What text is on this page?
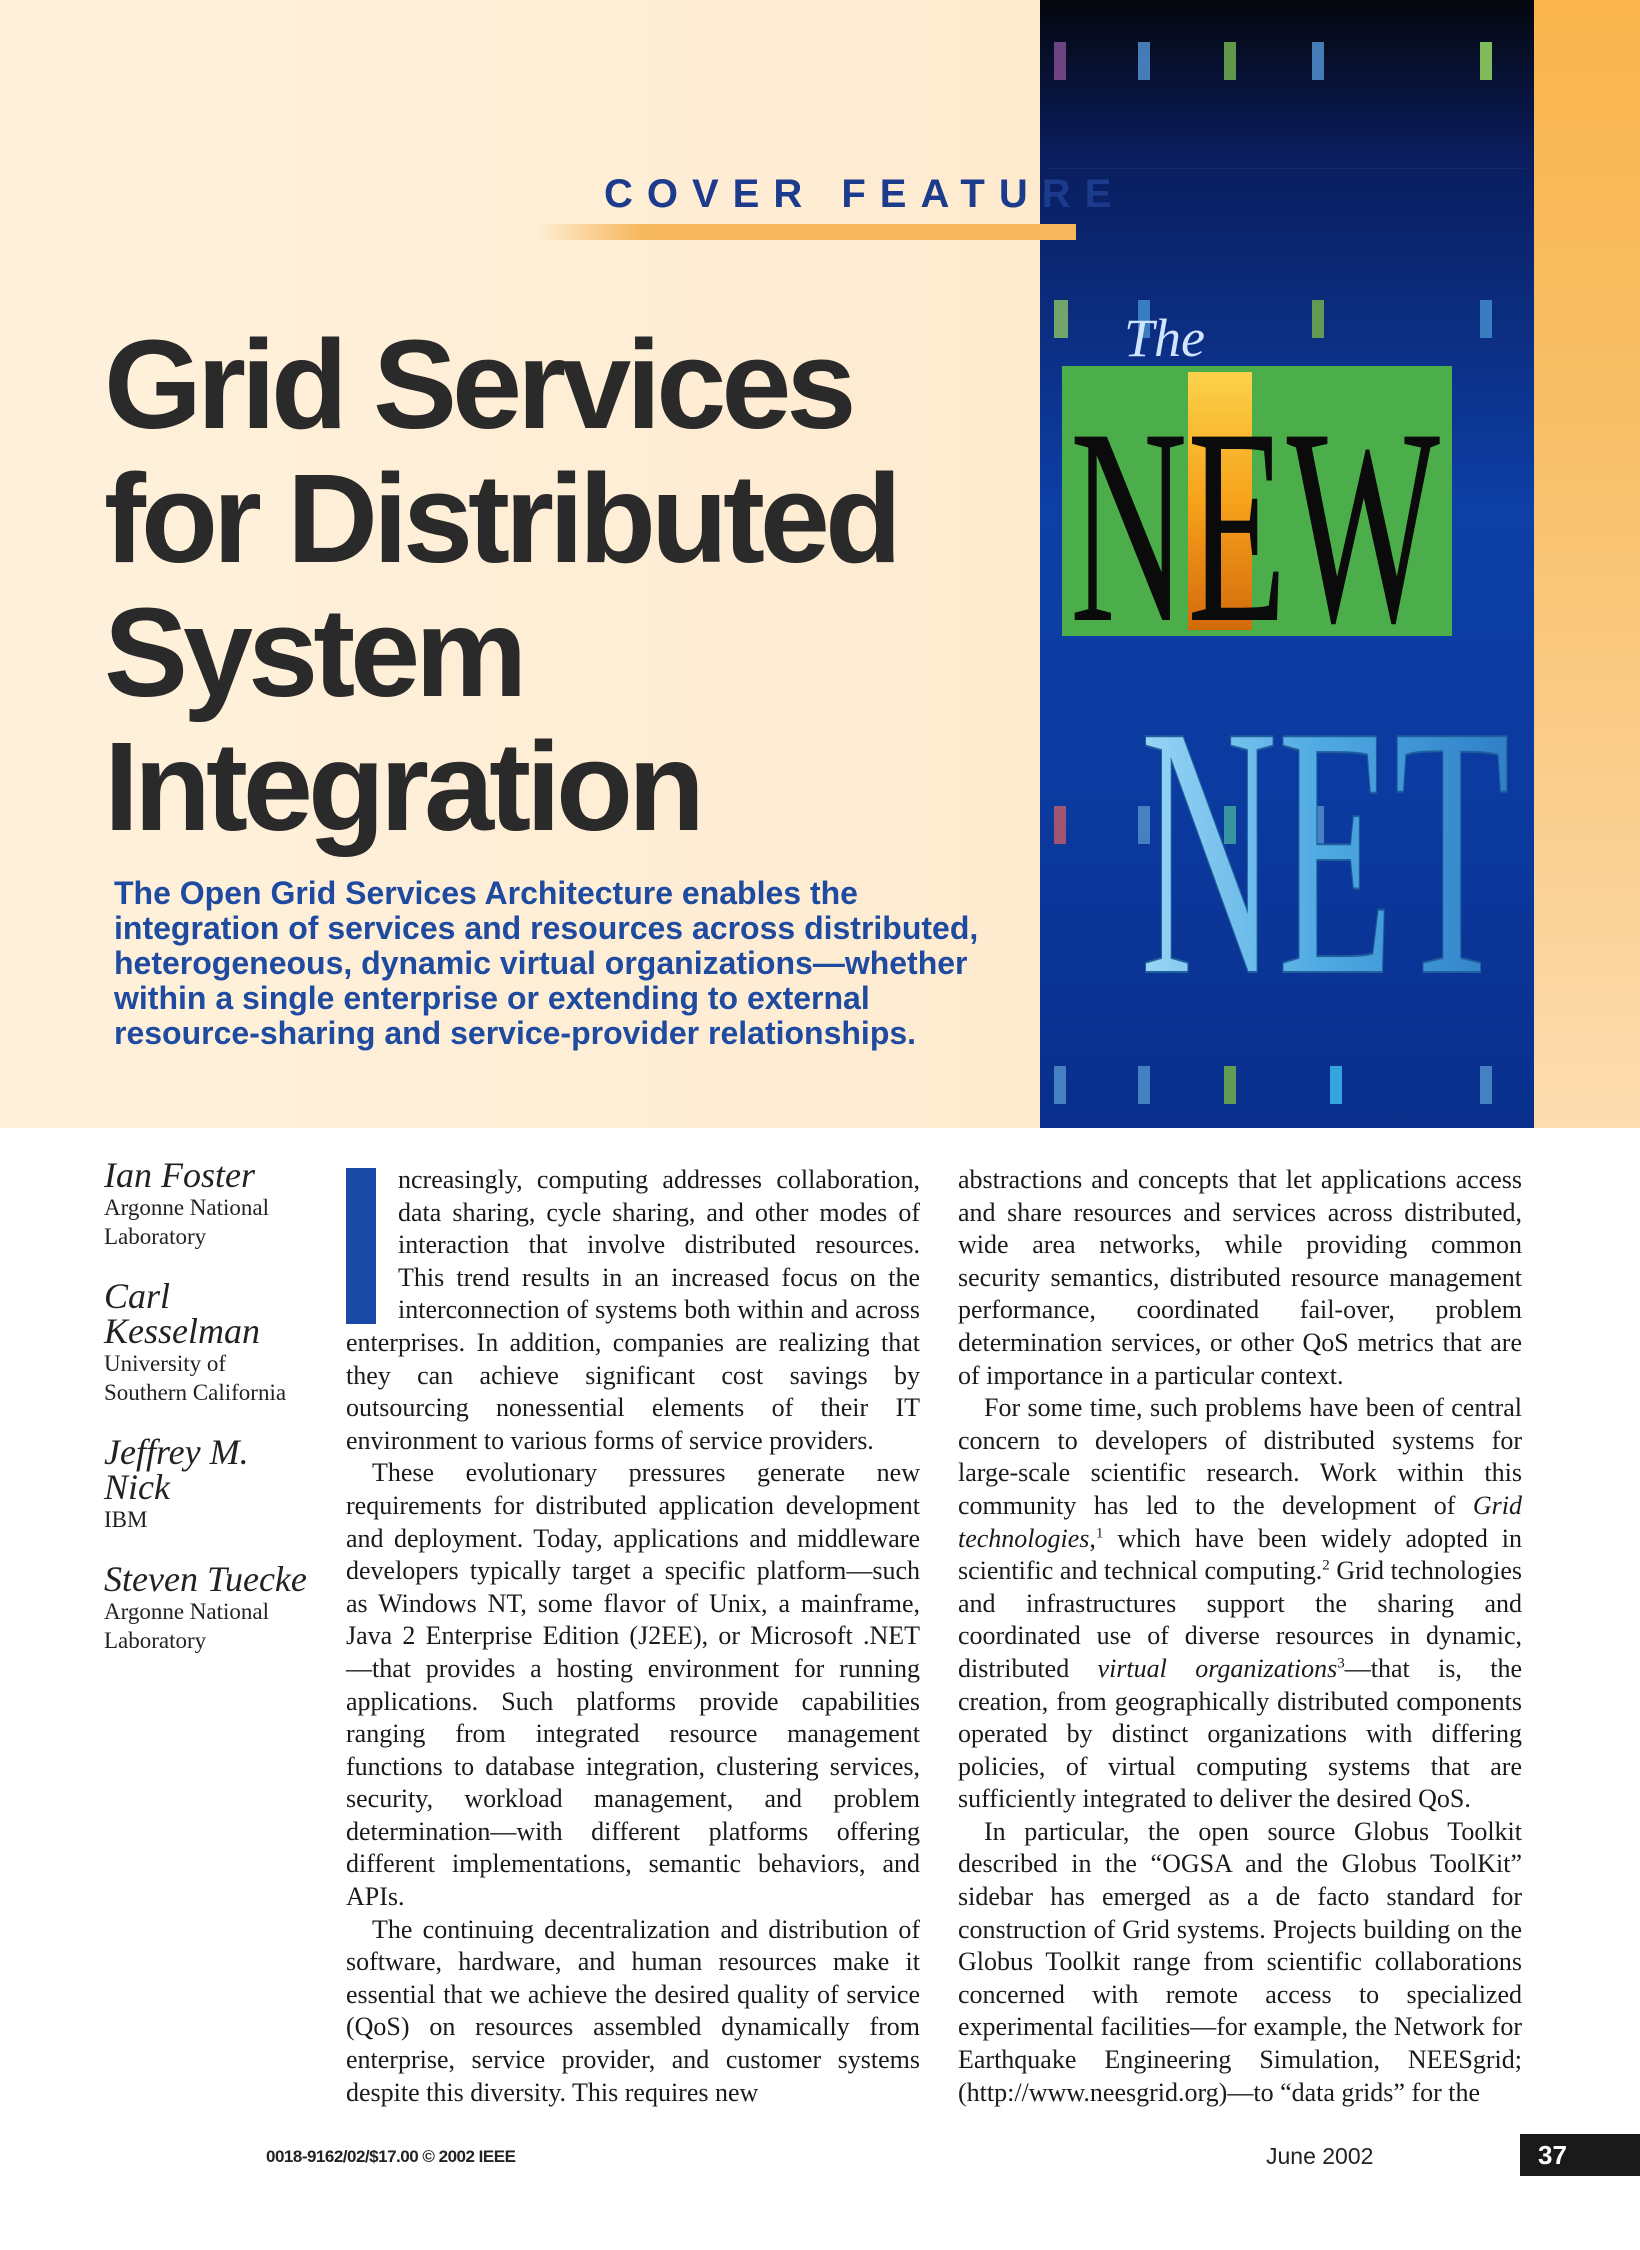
The
NEW
NET
COVER FEATURE
Grid Services
for Distributed
System
Integration
The Open Grid Services Architecture enables the integration of services and resources across distributed, heterogeneous, dynamic virtual organizations—whether within a single enterprise or extending to external resource-sharing and service-provider relationships.
Ian Foster
Argonne National
Laboratory
Carl
Kesselman
University of
Southern California
Jeffrey M.
Nick
IBM
Steven Tuecke
Argonne National
Laboratory

ncreasingly, computing addresses collaboration, data sharing, cycle sharing, and other modes of interaction that involve distributed resources. This trend results in an increased focus on the interconnection of systems both within and across enterprises. In addition, companies are realizing that they can achieve significant cost savings by outsourcing nonessential elements of their IT environment to various forms of service providers.

These evolutionary pressures generate new requirements for distributed application development and deployment. Today, applications and middleware developers typically target a specific platform—such as Windows NT, some flavor of Unix, a mainframe, Java 2 Enterprise Edition (J2EE), or Microsoft .NET—that provides a hosting environment for running applications. Such platforms provide capabilities ranging from integrated resource management functions to database integration, clustering services, security, workload management, and problem determination—with different platforms offering different implementations, semantic behaviors, and APIs.

The continuing decentralization and distribution of software, hardware, and human resources make it essential that we achieve the desired quality of service (QoS) on resources assembled dynamically from enterprise, service provider, and customer systems despite this diversity. This requires new

abstractions and concepts that let applications access and share resources and services across distributed, wide area networks, while providing common security semantics, distributed resource management performance, coordinated fail-over, problem determination services, or other QoS metrics that are of importance in a particular context.

For some time, such problems have been of central concern to developers of distributed systems for large-scale scientific research. Work within this community has led to the development of Grid technologies,$^1$ which have been widely adopted in scientific and technical computing.$^2$ Grid technologies and infrastructures support the sharing and coordinated use of diverse resources in dynamic, distributed virtual organizations$^3$—that is, the creation, from geographically distributed components operated by distinct organizations with differing policies, of virtual computing systems that are sufficiently integrated to deliver the desired QoS.

In particular, the open source Globus Toolkit described in the “OGSA and the Globus ToolKit” sidebar has emerged as a de facto standard for construction of Grid systems. Projects building on the Globus Toolkit range from scientific collaborations concerned with remote access to specialized experimental facilities—for example, the Network for Earthquake Engineering Simulation, NEESgrid; (http://www.neesgrid.org)—to “data grids” for the

0018-9162/02/$17.00 © 2002 IEEE	June 2002	37
